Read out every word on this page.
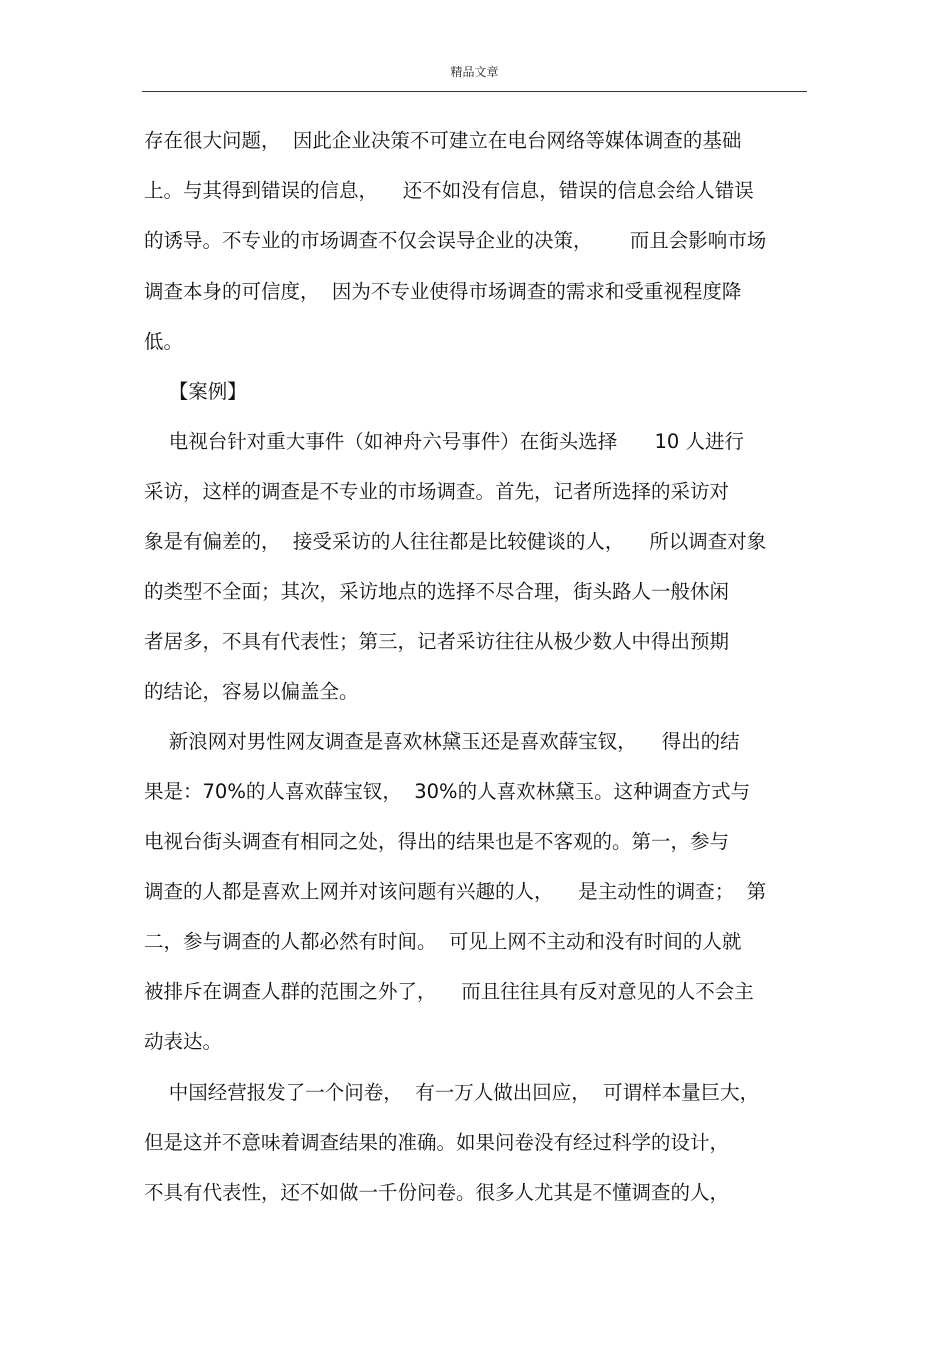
精品文章
存在很大问题，  因此企业决策不可建立在电台网络等媒体调查的基础
上。与其得到错误的信息，    还不如没有信息，错误的信息会给人错误
的诱导。不专业的市场调查不仅会误导企业的决策，      而且会影响市场
调查本身的可信度，  因为不专业使得市场调查的需求和受重视程度降
低。
【案例】
电视台针对重大事件（如神舟六号事件）在街头选择      10 人进行
采访，这样的调查是不专业的市场调查。首先，记者所选择的采访对
象是有偏差的，  接受采访的人往往都是比较健谈的人，    所以调查对象
的类型不全面；其次，采访地点的选择不尽合理，街头路人一般休闲
者居多，不具有代表性；第三，记者采访往往从极少数人中得出预期
的结论，容易以偏盖全。
新浪网对男性网友调查是喜欢林黛玉还是喜欢薛宝钗，    得出的结
果是：70%的人喜欢薛宝钗，  30%的人喜欢林黛玉。这种调查方式与
电视台街头调查有相同之处，得出的结果也是不客观的。第一，参与
调查的人都是喜欢上网并对该问题有兴趣的人，    是主动性的调查；  第
二，参与调查的人都必然有时间。  可见上网不主动和没有时间的人就
被排斥在调查人群的范围之外了，    而且往往具有反对意见的人不会主
动表达。
中国经营报发了一个问卷，  有一万人做出回应，  可谓样本量巨大，
但是这并不意味着调查结果的准确。如果问卷没有经过科学的设计，
不具有代表性，还不如做一千份问卷。很多人尤其是不懂调查的人，
